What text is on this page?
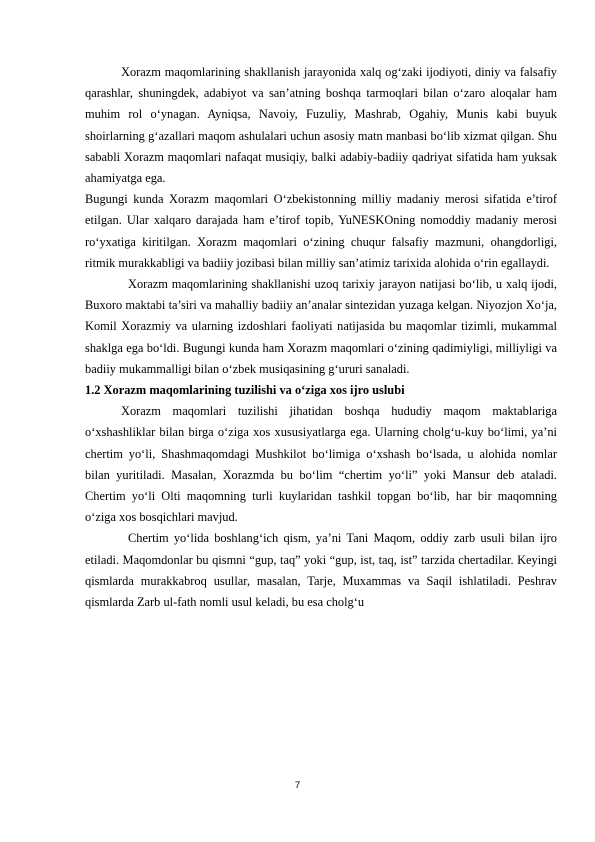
Xorazm maqomlarining shakllanish jarayonida xalq og‘zaki ijodiyoti, diniy va falsafiy qarashlar, shuningdek, adabiyot va san’atning boshqa tarmoqlari bilan o‘zaro aloqalar ham muhim rol o‘ynagan. Ayniqsa, Navoiy, Fuzuliy, Mashrab, Ogahiy, Munis kabi buyuk shoirlarning g‘azallari maqom ashulalari uchun asosiy matn manbasi bo‘lib xizmat qilgan. Shu sababli Xorazm maqomlari nafaqat musiqiy, balki adabiy-badiiy qadriyat sifatida ham yuksak ahamiyatga ega.

Bugungi kunda Xorazm maqomlari O‘zbekistonning milliy madaniy merosi sifatida e’tirof etilgan. Ular xalqaro darajada ham e’tirof topib, YuNESKOning nomoddiy madaniy merosi ro‘yxatiga kiritilgan. Xorazm maqomlari o‘zining chuqur falsafiy mazmuni, ohangdorligi, ritmik murakkabligi va badiiy jozibasi bilan milliy san’atimiz tarixida alohida o‘rin egallaydi.

Xorazm maqomlarining shakllanishi uzoq tarixiy jarayon natijasi bo‘lib, u xalq ijodi, Buxoro maktabi ta’siri va mahalliy badiiy an’analar sintezidan yuzaga kelgan. Niyozjon Xo‘ja, Komil Xorazmiy va ularning izdoshlari faoliyati natijasida bu maqomlar tizimli, mukammal shaklga ega bo‘ldi. Bugungi kunda ham Xorazm maqomlari o‘zining qadimiyligi, milliyligi va badiiy mukammalligi bilan o‘zbek musiqasining g‘ururi sanaladi.

1.2 Xorazm maqomlarining tuzilishi va o‘ziga xos ijro uslubi

Xorazm maqomlari tuzilishi jihatidan boshqa hududiy maqom maktablariga o‘xshashliklar bilan birga o‘ziga xos xususiyatlarga ega. Ularning cholg‘u-kuy bo‘limi, ya’ni chertim yo‘li, Shashmaqomdagi Mushkilot bo‘limiga o‘xshash bo‘lsada, u alohida nomlar bilan yuritiladi. Masalan, Xorazmda bu bo‘lim “chertim yo‘li” yoki Mansur deb ataladi. Chertim yo‘li Olti maqomning turli kuylaridan tashkil topgan bo‘lib, har bir maqomning o‘ziga xos bosqichlari mavjud.

Chertim yo‘lida boshlang‘ich qism, ya’ni Tani Maqom, oddiy zarb usuli bilan ijro etiladi. Maqomdonlar bu qismni “gup, taq” yoki “gup, ist, taq, ist” tarzida chertadilar. Keyingi qismlarda murakkabroq usullar, masalan, Tarje, Muxammas va Saqil ishlatiladi. Peshrav qismlarda Zarb ul-fath nomli usul keladi, bu esa cholg‘u

7
